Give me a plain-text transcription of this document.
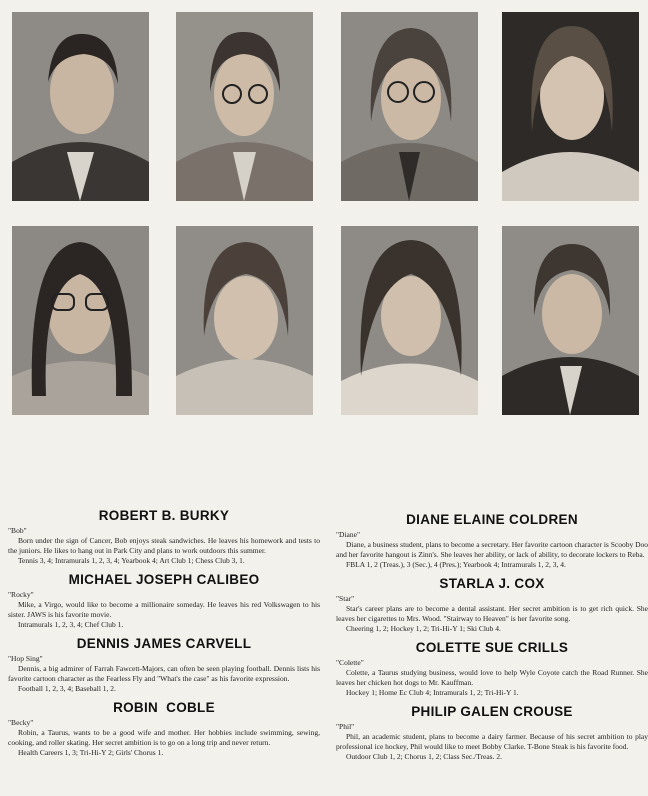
ROBERT B. BURKY

"Bob"

Born under the sign of Cancer, Bob enjoys steak sandwiches. He leaves his homework and tests to the juniors. He likes to hang out in Park City and plans to work outdoors this summer.

Tennis 3, 4; Intramurals 1, 2, 3, 4; Yearbook 4; Art Club 1; Chess Club 3, 1.

MICHAEL JOSEPH CALIBEO

"Rocky"

Mike, a Virgo, would like to become a millionaire someday. He leaves his red Volkswagen to his sister. JAWS is his favorite movie.

Intramurals 1, 2, 3, 4; Chef Club 1.

DENNIS JAMES CARVELL

"Hop Sing"

Dennis, a big admirer of Farrah Fawcett-Majors, can often be seen playing football. Dennis lists his favorite cartoon character as the Fearless Fly and "What's the case" as his favorite expression.

Football 1, 2, 3, 4; Baseball 1, 2.

ROBIN  COBLE

"Becky"

Robin, a Taurus, wants to be a good wife and mother. Her hobbies include swimming, sewing, cooking, and roller skating. Her secret ambition is to go on a long trip and never return.

Health Careers 1, 3; Tri-Hi-Y 2; Girls' Chorus 1.

DIANE ELAINE COLDREN

"Diane"

Diane, a business student, plans to become a secretary. Her favorite cartoon character is Scooby Doo and her favorite hangout is Zinn's. She leaves her ability, or lack of ability, to decorate lockers to Reba.

FBLA 1, 2 (Treas.), 3 (Sec.), 4 (Pres.); Yearbook 4; Intramurals 1, 2, 3, 4.

STARLA J. COX

"Star"

Star's career plans are to become a dental assistant. Her secret ambition is to get rich quick. She leaves her cigarettes to Mrs. Wood. "Stairway to Heaven" is her favorite song.

Cheering 1, 2; Hockey 1, 2; Tri-Hi-Y 1; Ski Club 4.

COLETTE SUE CRILLS

"Colette"

Colette, a Taurus studying business, would love to help Wyle Coyote catch the Road Runner. She leaves her chicken hot dogs to Mr. Kauffman.

Hockey 1; Home Ec Club 4; Intramurals 1, 2; Tri-Hi-Y 1.

PHILIP GALEN CROUSE

"Phil"

Phil, an academic student, plans to become a dairy farmer. Because of his secret ambition to play professional ice hockey, Phil would like to meet Bobby Clarke. T-Bone Steak is his favorite food.

Outdoor Club 1, 2; Chorus 1, 2; Class Sec./Treas. 2.
